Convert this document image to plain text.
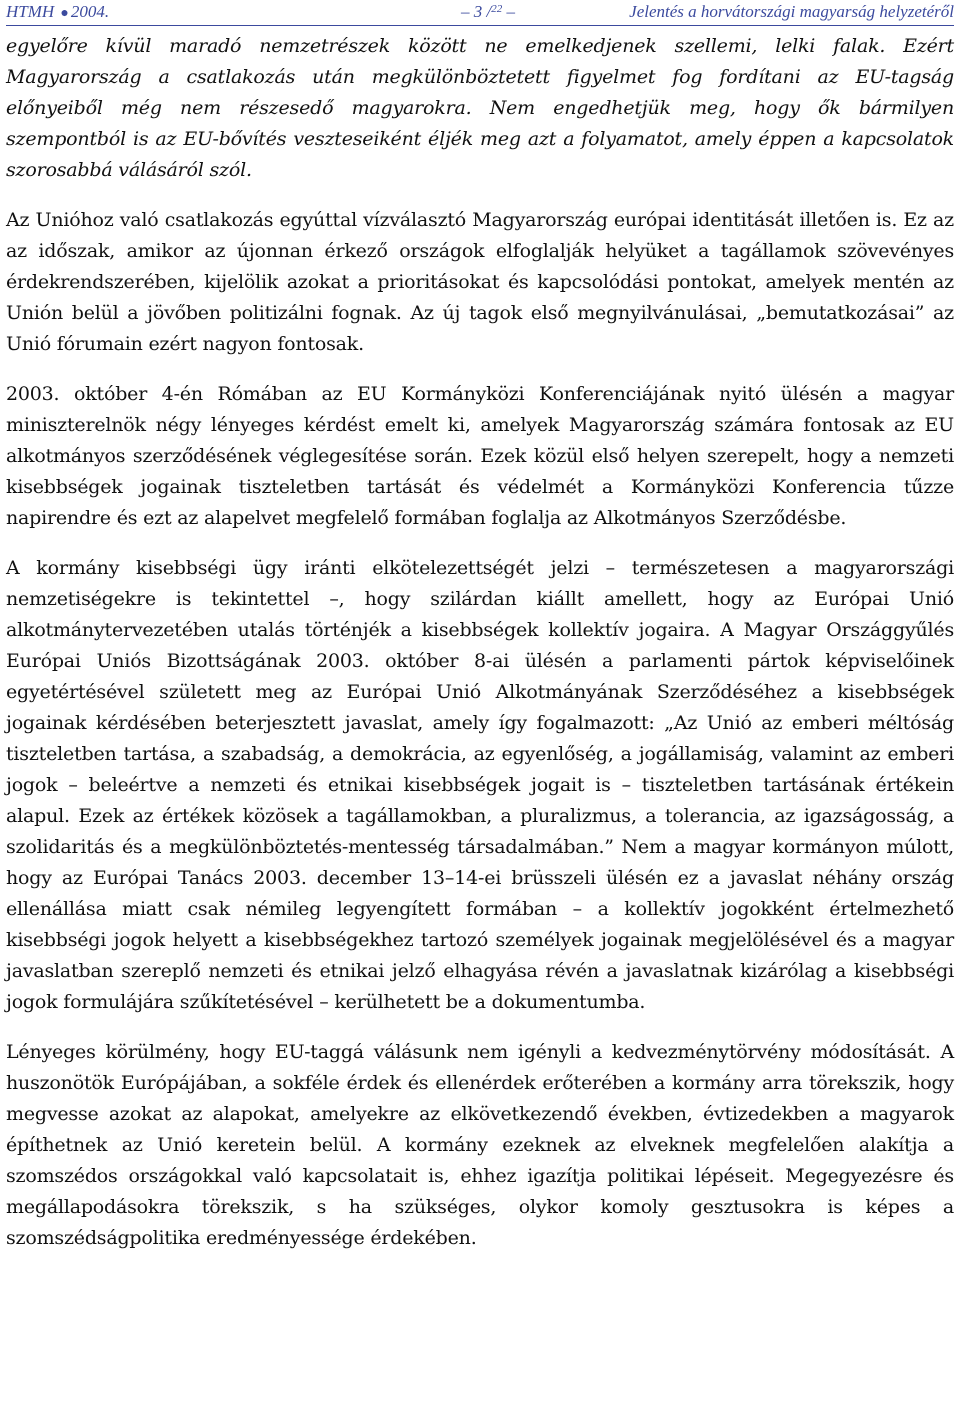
HTMH ● 2004.	– 3 /$^{22}$ –	Jelentés a horvátországi magyarság helyzetéről

egyelőre kívül maradó nemzetrészek között ne emelkedjenek szellemi, lelki falak. Ezért Magyarország a csatlakozás után megkülönböztetett figyelmet fog fordítani az EU-tagság előnyeiből még nem részesedő magyarokra. Nem engedhetjük meg, hogy ők bármilyen szempontból is az EU-bővítés veszteseiként éljék meg azt a folyamatot, amely éppen a kapcsolatok szorosabbá válásáról szól.

Az Unióhoz való csatlakozás egyúttal vízválasztó Magyarország európai identitását illetően is. Ez az az időszak, amikor az újonnan érkező országok elfoglalják helyüket a tagállamok szövevényes érdekrendszerében, kijelölik azokat a prioritásokat és kapcsolódási pontokat, amelyek mentén az Unión belül a jövőben politizálni fognak. Az új tagok első megnyilvánulásai, „bemutatkozásai” az Unió fórumain ezért nagyon fontosak.

2003. október 4-én Rómában az EU Kormányközi Konferenciájának nyitó ülésén a magyar miniszterelnök négy lényeges kérdést emelt ki, amelyek Magyarország számára fontosak az EU alkotmányos szerződésének véglegesítése során. Ezek közül első helyen szerepelt, hogy a nemzeti kisebbségek jogainak tiszteletben tartását és védelmét a Kormányközi Konferencia tűzze napirendre és ezt az alapelvet megfelelő formában foglalja az Alkotmányos Szerződésbe.

A kormány kisebbségi ügy iránti elkötelezettségét jelzi – természetesen a magyarországi nemzetiségekre is tekintettel –, hogy szilárdan kiállt amellett, hogy az Európai Unió alkotmánytervezetében utalás történjék a kisebbségek kollektív jogaira. A Magyar Országgyűlés Európai Uniós Bizottságának 2003. október 8-ai ülésén a parlamenti pártok képviselőinek egyetértésével született meg az Európai Unió Alkotmányának Szerződéséhez a kisebbségek jogainak kérdésében beterjesztett javaslat, amely így fogalmazott: „Az Unió az emberi méltóság tiszteletben tartása, a szabadság, a demokrácia, az egyenlőség, a jogállamiság, valamint az emberi jogok – beleértve a nemzeti és etnikai kisebbségek jogait is – tiszteletben tartásának értékein alapul. Ezek az értékek közösek a tagállamokban, a pluralizmus, a tolerancia, az igazságosság, a szolidaritás és a megkülönböztetés-mentesség társadalmában.” Nem a magyar kormányon múlott, hogy az Európai Tanács 2003. december 13–14-ei brüsszeli ülésén ez a javaslat néhány ország ellenállása miatt csak némileg legyengített formában – a kollektív jogokként értelmezhető kisebbségi jogok helyett a kisebbségekhez tartozó személyek jogainak megjelölésével és a magyar javaslatban szereplő nemzeti és etnikai jelző elhagyása révén a javaslatnak kizárólag a kisebbségi jogok formulájára szűkítetésével – kerülhetett be a dokumentumba.

Lényeges körülmény, hogy EU-taggá válásunk nem igényli a kedvezménytörvény módosítását. A huszonötök Európájában, a sokféle érdek és ellenérdek erőterében a kormány arra törekszik, hogy megvesse azokat az alapokat, amelyekre az elkövetkezendő években, évtizedekben a magyarok építhetnek az Unió keretein belül. A kormány ezeknek az elveknek megfelelően alakítja a szomszédos országokkal való kapcsolatait is, ehhez igazítja politikai lépéseit. Megegyezésre és megállapodásokra törekszik, s ha szükséges, olykor komoly gesztusokra is képes a szomszédságpolitika eredményessége érdekében.
